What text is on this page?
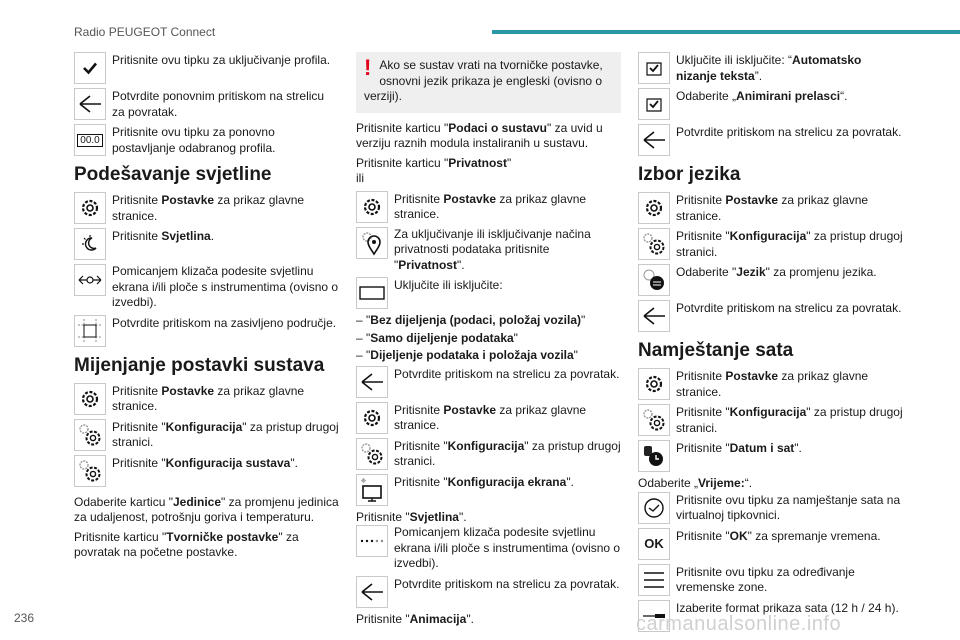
Radio PEUGEOT Connect
Pritisnite ovu tipku za uključivanje profila.
Potvrdite ponovnim pritiskom na strelicu za povratak.
00.0
Pritisnite ovu tipku za ponovno postavljanje odabranog profila.
Podešavanje svjetline
Pritisnite Postavke za prikaz glavne stranice.
Pritisnite Svjetlina.
Pomicanjem klizača podesite svjetlinu ekrana i/ili ploče s instrumentima (ovisno o izvedbi).
Potvrdite pritiskom na zasivljeno područje.
Mijenjanje postavki sustava
Pritisnite Postavke za prikaz glavne stranice.
Pritisnite "Konfiguracija" za pristup drugoj stranici.
Pritisnite "Konfiguracija sustava".

Odaberite karticu "Jedinice" za promjenu jedinica za udaljenost, potrošnju goriva i temperaturu.

Pritisnite karticu "Tvorničke postavke" za povratak na početne postavke.

! Ako se sustav vrati na tvorničke postavke, osnovni jezik prikaza je engleski (ovisno o verziji).

Pritisnite karticu "Podaci o sustavu" za uvid u verziju raznih modula instaliranih u sustavu.

Pritisnite karticu "Privatnost"

ili

Pritisnite Postavke za prikaz glavne stranice.
Za uključivanje ili isključivanje načina privatnosti podataka pritisnite "Privatnost".
Uključite ili isključite:
– "Bez dijeljenja (podaci, položaj vozila)"
– "Samo dijeljenje podataka"
– "Dijeljenje podataka i položaja vozila"
Potvrdite pritiskom na strelicu za povratak.
Pritisnite Postavke za prikaz glavne stranice.
Pritisnite "Konfiguracija" za pristup drugoj stranici.
Pritisnite "Konfiguracija ekrana".

Pritisnite "Svjetlina".

Pomicanjem klizača podesite svjetlinu ekrana i/ili ploče s instrumentima (ovisno o izvedbi).
Potvrdite pritiskom na strelicu za povratak.

Pritisnite "Animacija".

Uključite ili isključite: “Automatsko nizanje teksta”.
Odaberite „Animirani prelasci“.
Potvrdite pritiskom na strelicu za povratak.
Izbor jezika
Pritisnite Postavke za prikaz glavne stranice.
Pritisnite "Konfiguracija" za pristup drugoj stranici.
Odaberite "Jezik" za promjenu jezika.
Potvrdite pritiskom na strelicu za povratak.
Namještanje sata
Pritisnite Postavke za prikaz glavne stranice.
Pritisnite "Konfiguracija" za pristup drugoj stranici.
Pritisnite "Datum i sat".

Odaberite „Vrijeme:“.

Pritisnite ovu tipku za namještanje sata na virtualnoj tipkovnici.
OK
Pritisnite "OK" za spremanje vremena.
Pritisnite ovu tipku za određivanje vremenske zone.
Izaberite format prikaza sata (12 h / 24 h).
236	carmanualsonline.info
